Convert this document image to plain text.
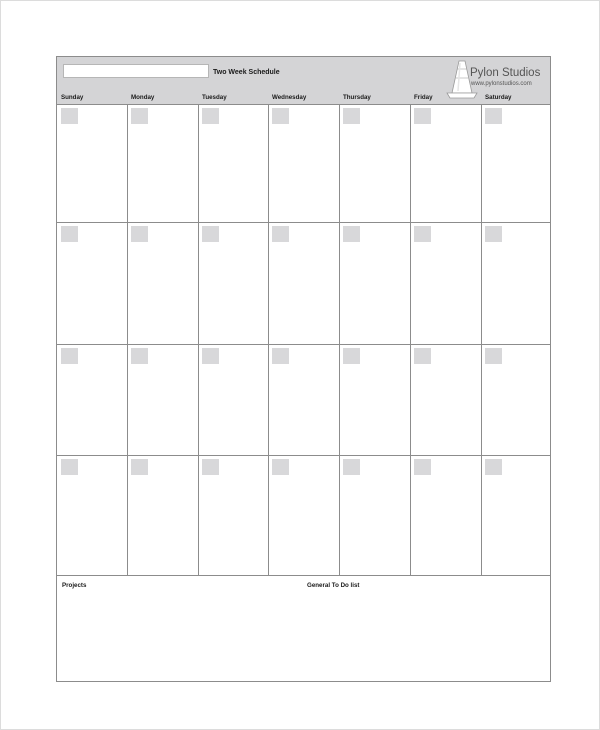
Two Week Schedule	Pylon Studios
www.pylonstudios.com
Sunday	Monday	Tuesday	Wednesday	Thursday	Friday	Saturday
Projects	General To Do list
